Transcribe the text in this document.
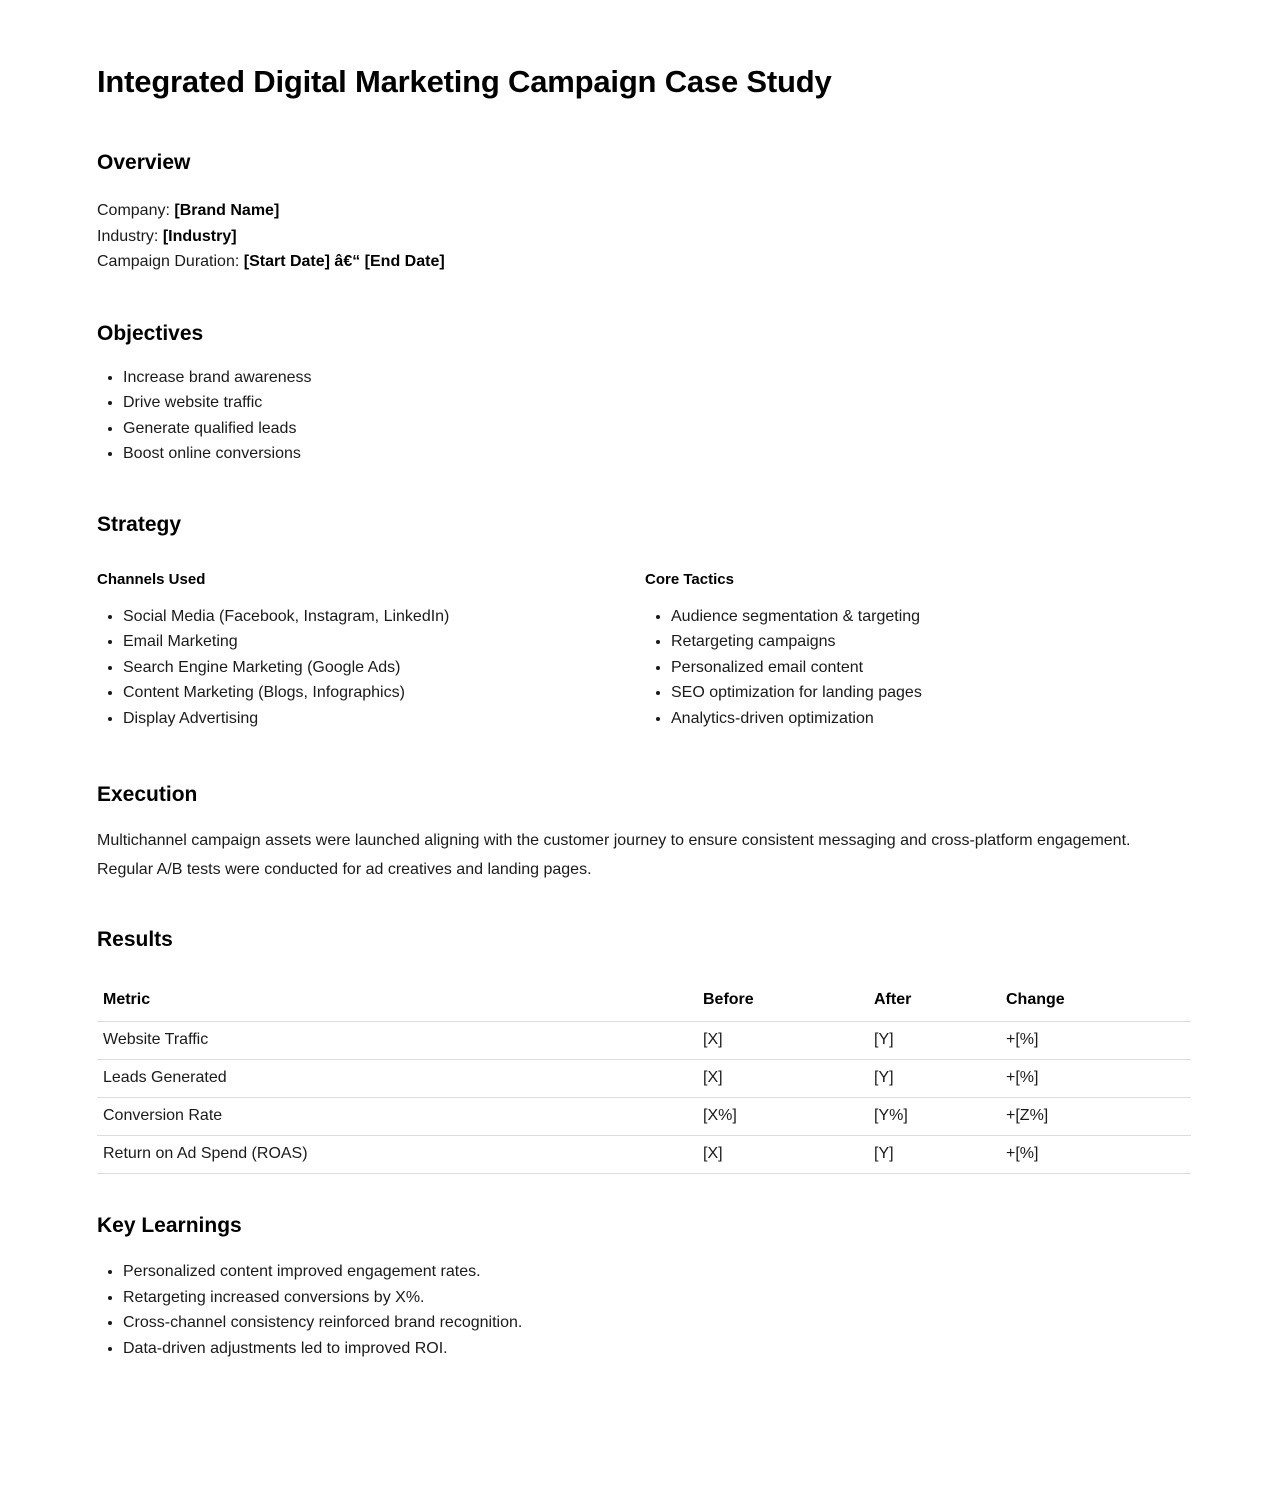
Integrated Digital Marketing Campaign Case Study
Overview

Company: [Brand Name]

Industry: [Industry]

Campaign Duration: [Start Date] â€“ [End Date]

Objectives
• Increase brand awareness
• Drive website traffic
• Generate qualified leads
• Boost online conversions
Strategy
Channels Used
• Social Media (Facebook, Instagram, LinkedIn)
• Email Marketing
• Search Engine Marketing (Google Ads)
• Content Marketing (Blogs, Infographics)
• Display Advertising
Core Tactics
• Audience segmentation & targeting
• Retargeting campaigns
• Personalized email content
• SEO optimization for landing pages
• Analytics-driven optimization
Execution

Multichannel campaign assets were launched aligning with the customer journey to ensure consistent messaging and cross-platform engagement. Regular A/B tests were conducted for ad creatives and landing pages.

Results
Metric	Before	After	Change
Website Traffic	[X]	[Y]	+[%]
Leads Generated	[X]	[Y]	+[%]
Conversion Rate	[X%]	[Y%]	+[Z%]
Return on Ad Spend (ROAS)	[X]	[Y]	+[%]
Key Learnings
• Personalized content improved engagement rates.
• Retargeting increased conversions by X%.
• Cross-channel consistency reinforced brand recognition.
• Data-driven adjustments led to improved ROI.
